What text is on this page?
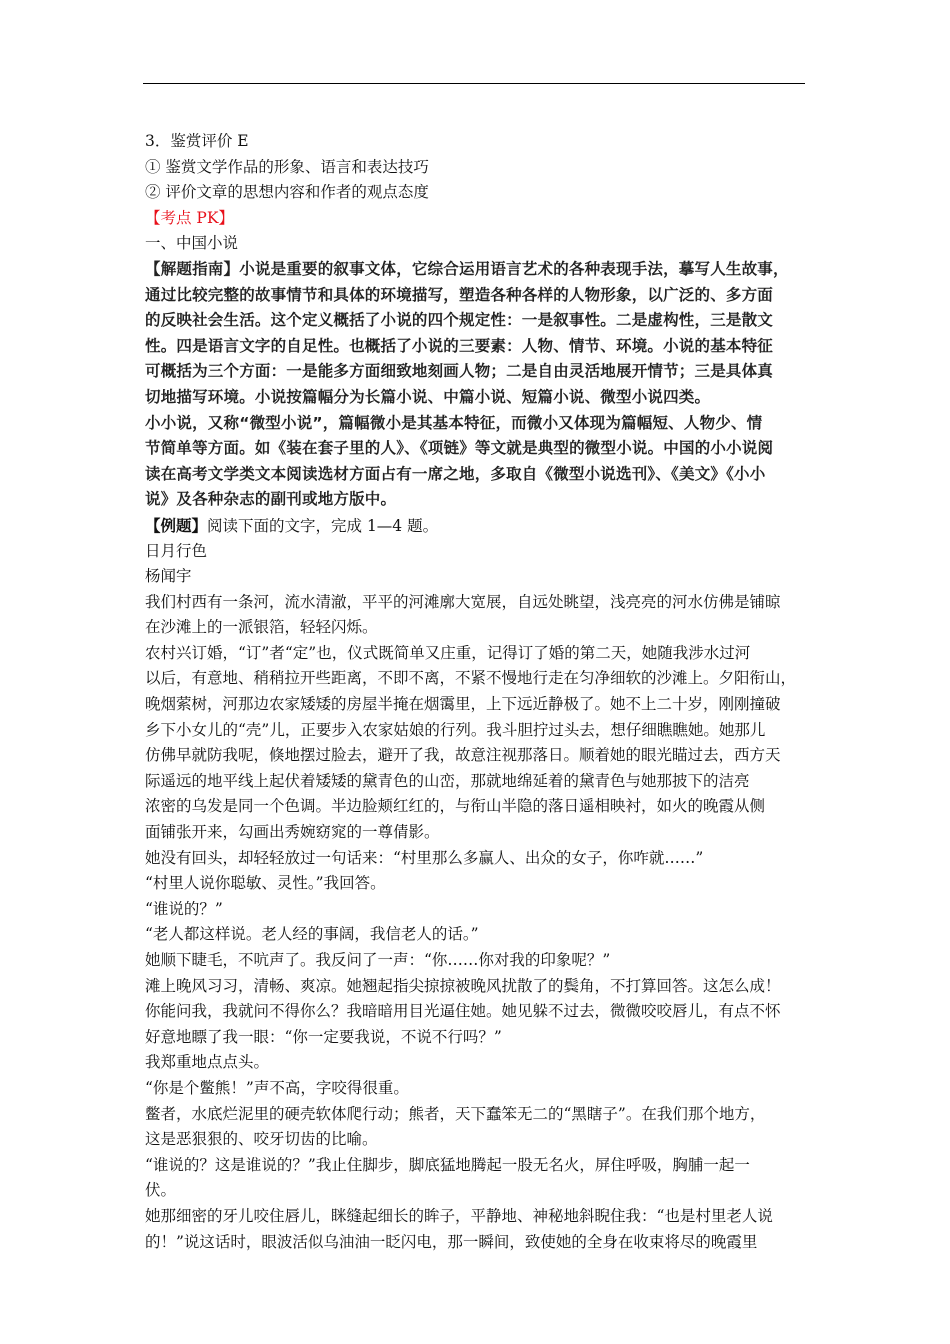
3．鉴赏评价 E
① 鉴赏文学作品的形象、语言和表达技巧
② 评价文章的思想内容和作者的观点态度
【考点 PK】
一、中国小说
【解题指南】小说是重要的叙事文体，它综合运用语言艺术的各种表现手法，摹写人生故事，
通过比较完整的故事情节和具体的环境描写，塑造各种各样的人物形象，以广泛的、多方面
的反映社会生活。这个定义概括了小说的四个规定性：一是叙事性。二是虚构性，三是散文
性。四是语言文字的自足性。也概括了小说的三要素：人物、情节、环境。小说的基本特征
可概括为三个方面：一是能多方面细致地刻画人物；二是自由灵活地展开情节；三是具体真
切地描写环境。小说按篇幅分为长篇小说、中篇小说、短篇小说、微型小说四类。
小小说，又称“微型小说”，篇幅微小是其基本特征，而微小又体现为篇幅短、人物少、情
节简单等方面。如《装在套子里的人》、《项链》等文就是典型的微型小说。中国的小小说阅
读在高考文学类文本阅读选材方面占有一席之地，多取自《微型小说选刊》、《美文》《小小
说》及各种杂志的副刊或地方版中。
【例题】阅读下面的文字，完成 1—4 题。
日月行色
杨闻宇
我们村西有一条河，流水清澈，平平的河滩廓大宽展，自远处眺望，浅亮亮的河水仿佛是铺晾
在沙滩上的一派银箔，轻轻闪烁。
农村兴订婚，“订”者“定”也，仪式既简单又庄重，记得订了婚的第二天，她随我涉水过河
以后，有意地、稍稍拉开些距离，不即不离，不紧不慢地行走在匀净细软的沙滩上。夕阳衔山，
晚烟萦树，河那边农家矮矮的房屋半掩在烟霭里，上下远近静极了。她不上二十岁，刚刚撞破
乡下小女儿的“壳”儿，正要步入农家姑娘的行列。我斗胆拧过头去，想仔细瞧瞧她。她那儿
仿佛早就防我呢，倏地摆过脸去，避开了我，故意注视那落日。顺着她的眼光瞄过去，西方天
际遥远的地平线上起伏着矮矮的黛青色的山峦，那就地绵延着的黛青色与她那披下的洁亮
浓密的乌发是同一个色调。半边脸颊红红的，与衔山半隐的落日遥相映衬，如火的晚霞从侧
面铺张开来，勾画出秀婉窈窕的一尊倩影。
她没有回头，却轻轻放过一句话来：“村里那么多赢人、出众的女子，你咋就……”
“村里人说你聪敏、灵性。”我回答。
“谁说的？”
“老人都这样说。老人经的事阔，我信老人的话。”
她顺下睫毛，不吭声了。我反问了一声：“你……你对我的印象呢？”
滩上晚风习习，清畅、爽凉。她翘起指尖掠掠被晚风扰散了的鬓角，不打算回答。这怎么成！
你能问我，我就问不得你么？我暗暗用目光逼住她。她见躲不过去，微微咬咬唇儿，有点不怀
好意地瞟了我一眼：“你一定要我说，不说不行吗？”
我郑重地点点头。
“你是个鳖熊！”声不高，字咬得很重。
鳖者，水底烂泥里的硬壳软体爬行动；熊者，天下蠢笨无二的“黑瞎子”。在我们那个地方，
这是恶狠狠的、咬牙切齿的比喻。
“谁说的？这是谁说的？”我止住脚步，脚底猛地腾起一股无名火，屏住呼吸，胸脯一起一
伏。
她那细密的牙儿咬住唇儿，眯缝起细长的眸子，平静地、神秘地斜睨住我：“也是村里老人说
的！”说这话时，眼波活似乌油油一眨闪电，那一瞬间，致使她的全身在收束将尽的晚霞里
